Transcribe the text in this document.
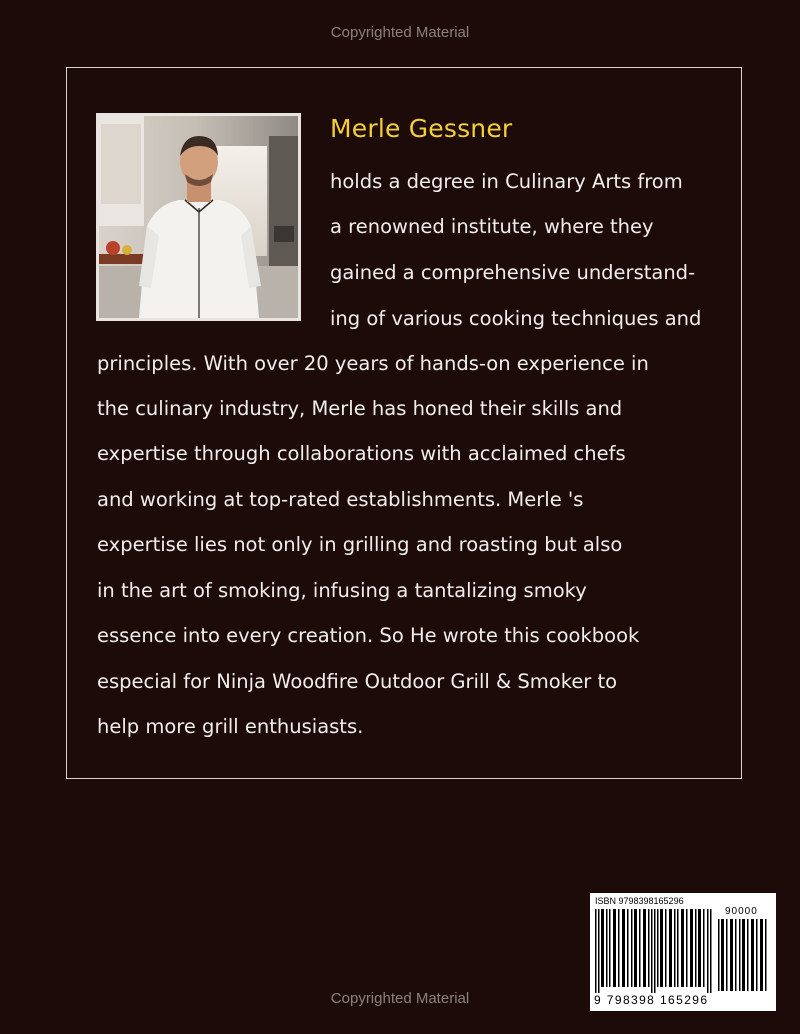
Copyrighted Material
Merle Gessner
holds a degree in Culinary Arts from
a renowned institute, where they
gained a comprehensive understand-
ing of various cooking techniques and
principles. With over 20 years of hands-on experience in
the culinary industry, Merle has honed their skills and
expertise through collaborations with acclaimed chefs
and working at top-rated establishments. Merle 's
expertise lies not only in grilling and roasting but also
in the art of smoking, infusing a tantalizing smoky
essence into every creation. So He wrote this cookbook
especial for Ninja Woodfire Outdoor Grill & Smoker to
help more grill enthusiasts.
ISBN 9798398165296
90000
9 798398 165296
Copyrighted Material
